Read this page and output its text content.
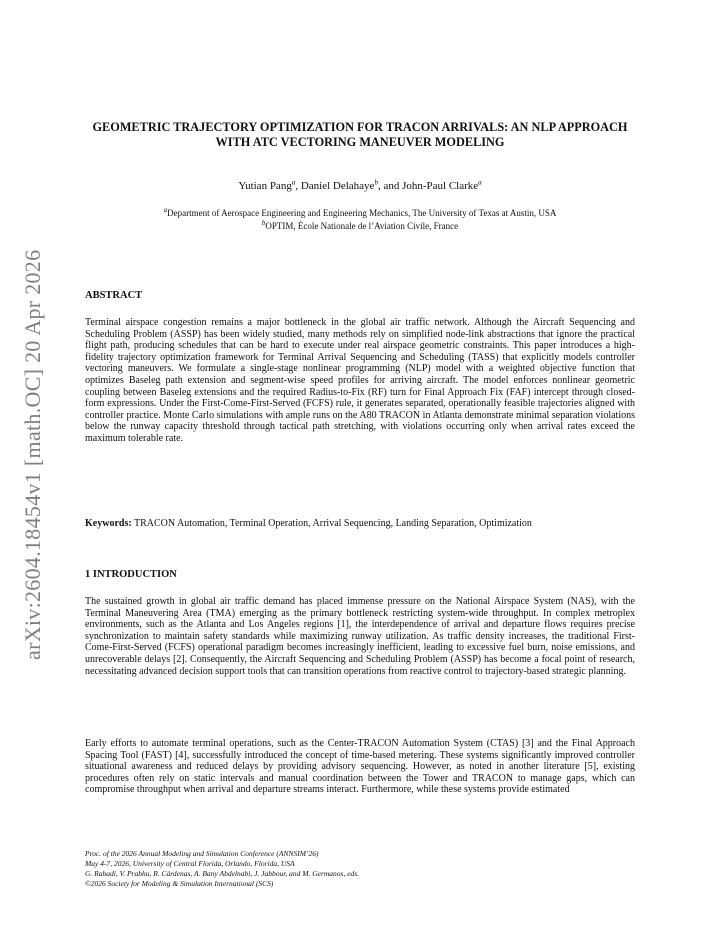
arXiv:2604.18454v1 [math.OC] 20 Apr 2026
GEOMETRIC TRAJECTORY OPTIMIZATION FOR TRACON ARRIVALS: AN NLP APPROACH WITH ATC VECTORING MANEUVER MODELING
Yutian Pang$^a$, Daniel Delahaye$^b$, and John-Paul Clarke$^a$
$^a$Department of Aerospace Engineering and Engineering Mechanics, The University of Texas at Austin, USA
$^b$OPTIM, École Nationale de l’Aviation Civile, France
ABSTRACT

Terminal airspace congestion remains a major bottleneck in the global air traffic network. Although the Aircraft Sequencing and Scheduling Problem (ASSP) has been widely studied, many methods rely on simplified node-link abstractions that ignore the practical flight path, producing schedules that can be hard to execute under real airspace geometric constraints. This paper introduces a high-fidelity trajectory optimization framework for Terminal Arrival Sequencing and Scheduling (TASS) that explicitly models controller vectoring maneuvers. We formulate a single-stage nonlinear programming (NLP) model with a weighted objective function that optimizes Baseleg path extension and segment-wise speed profiles for arriving aircraft. The model enforces nonlinear geometric coupling between Baseleg extensions and the required Radius-to-Fix (RF) turn for Final Approach Fix (FAF) intercept through closed-form expressions. Under the First-Come-First-Served (FCFS) rule, it generates separated, operationally feasible trajectories aligned with controller practice. Monte Carlo simulations with ample runs on the A80 TRACON in Atlanta demonstrate minimal separation violations below the runway capacity threshold through tactical path stretching, with violations occurring only when arrival rates exceed the maximum tolerable rate.

Keywords: TRACON Automation, Terminal Operation, Arrival Sequencing, Landing Separation, Optimization

1 INTRODUCTION

The sustained growth in global air traffic demand has placed immense pressure on the National Airspace System (NAS), with the Terminal Maneuvering Area (TMA) emerging as the primary bottleneck restricting system-wide throughput. In complex metroplex environments, such as the Atlanta and Los Angeles regions [1], the interdependence of arrival and departure flows requires precise synchronization to maintain safety standards while maximizing runway utilization. As traffic density increases, the traditional First-Come-First-Served (FCFS) operational paradigm becomes increasingly inefficient, leading to excessive fuel burn, noise emissions, and unrecoverable delays [2]. Consequently, the Aircraft Sequencing and Scheduling Problem (ASSP) has become a focal point of research, necessitating advanced decision support tools that can transition operations from reactive control to trajectory-based strategic planning.

Early efforts to automate terminal operations, such as the Center-TRACON Automation System (CTAS) [3] and the Final Approach Spacing Tool (FAST) [4], successfully introduced the concept of time-based metering. These systems significantly improved controller situational awareness and reduced delays by providing advisory sequencing. However, as noted in another literature [5], existing procedures often rely on static intervals and manual coordination between the Tower and TRACON to manage gaps, which can compromise throughput when arrival and departure streams interact. Furthermore, while these systems provide estimated

Proc. of the 2026 Annual Modeling and Simulation Conference (ANNSIM’26)
May 4-7, 2026, University of Central Florida, Orlando, Florida, USA
G. Rabadi, V. Prabhu, R. Cárdenas, A. Bany Abdelnabi, J. Jabbour, and M. Germanos, eds.
©2026 Society for Modeling & Simulation International (SCS)
